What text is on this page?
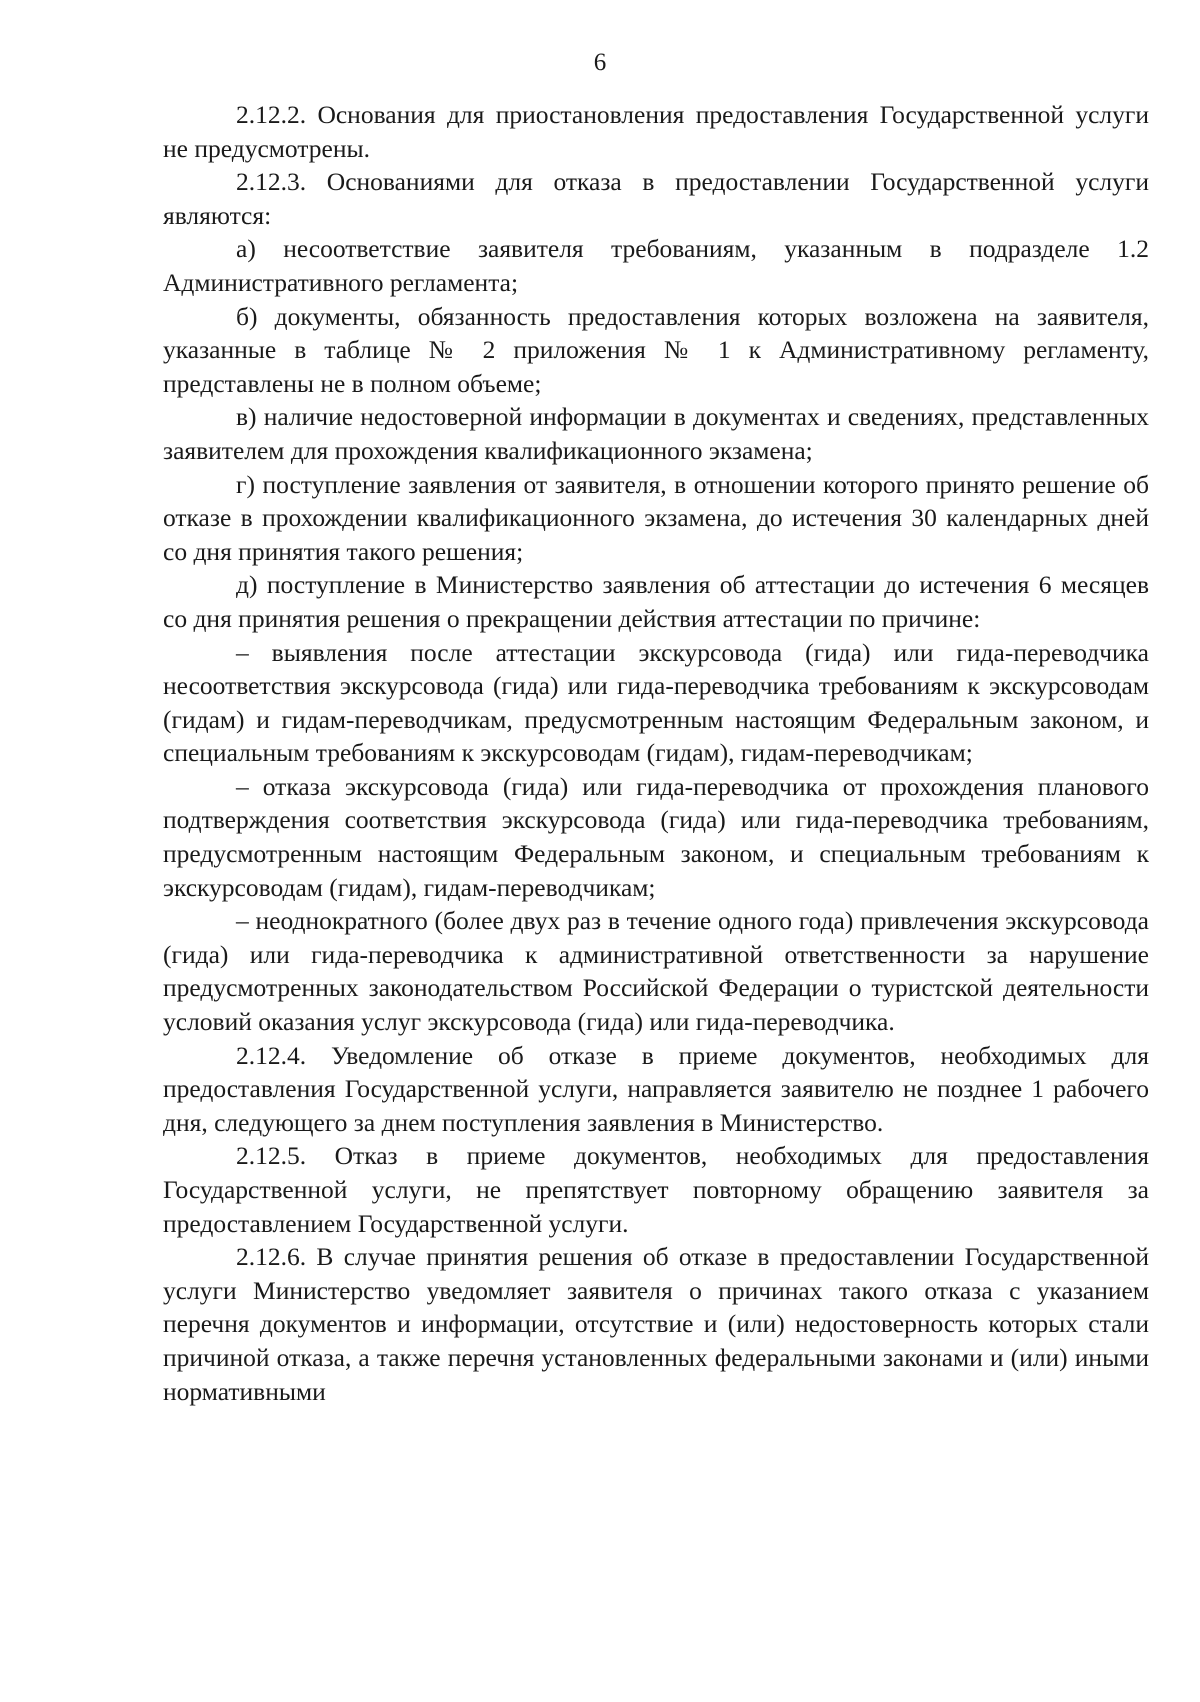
6

2.12.2. Основания для приостановления предоставления Государственной услуги не предусмотрены.

2.12.3. Основаниями для отказа в предоставлении Государственной услуги являются:

а) несоответствие заявителя требованиям, указанным в подразделе 1.2 Административного регламента;

б) документы, обязанность предоставления которых возложена на заявителя, указанные в таблице № 2 приложения № 1 к Административному регламенту, представлены не в полном объеме;

в) наличие недостоверной информации в документах и сведениях, представленных заявителем для прохождения квалификационного экзамена;

г) поступление заявления от заявителя, в отношении которого принято решение об отказе в прохождении квалификационного экзамена, до истечения 30 календарных дней со дня принятия такого решения;

д) поступление в Министерство заявления об аттестации до истечения 6 месяцев со дня принятия решения о прекращении действия аттестации по причине:

– выявления после аттестации экскурсовода (гида) или гида-переводчика несоответствия экскурсовода (гида) или гида-переводчика требованиям к экскурсоводам (гидам) и гидам-переводчикам, предусмотренным настоящим Федеральным законом, и специальным требованиям к экскурсоводам (гидам), гидам-переводчикам;

– отказа экскурсовода (гида) или гида-переводчика от прохождения планового подтверждения соответствия экскурсовода (гида) или гида-переводчика требованиям, предусмотренным настоящим Федеральным законом, и специальным требованиям к экскурсоводам (гидам), гидам-переводчикам;

– неоднократного (более двух раз в течение одного года) привлечения экскурсовода (гида) или гида-переводчика к административной ответственности за нарушение предусмотренных законодательством Российской Федерации о туристской деятельности условий оказания услуг экскурсовода (гида) или гида-переводчика.

2.12.4. Уведомление об отказе в приеме документов, необходимых для предоставления Государственной услуги, направляется заявителю не позднее 1 рабочего дня, следующего за днем поступления заявления в Министерство.

2.12.5. Отказ в приеме документов, необходимых для предоставления Государственной услуги, не препятствует повторному обращению заявителя за предоставлением Государственной услуги.

2.12.6. В случае принятия решения об отказе в предоставлении Государственной услуги Министерство уведомляет заявителя о причинах такого отказа с указанием перечня документов и информации, отсутствие и (или) недостоверность которых стали причиной отказа, а также перечня установленных федеральными законами и (или) иными нормативными
